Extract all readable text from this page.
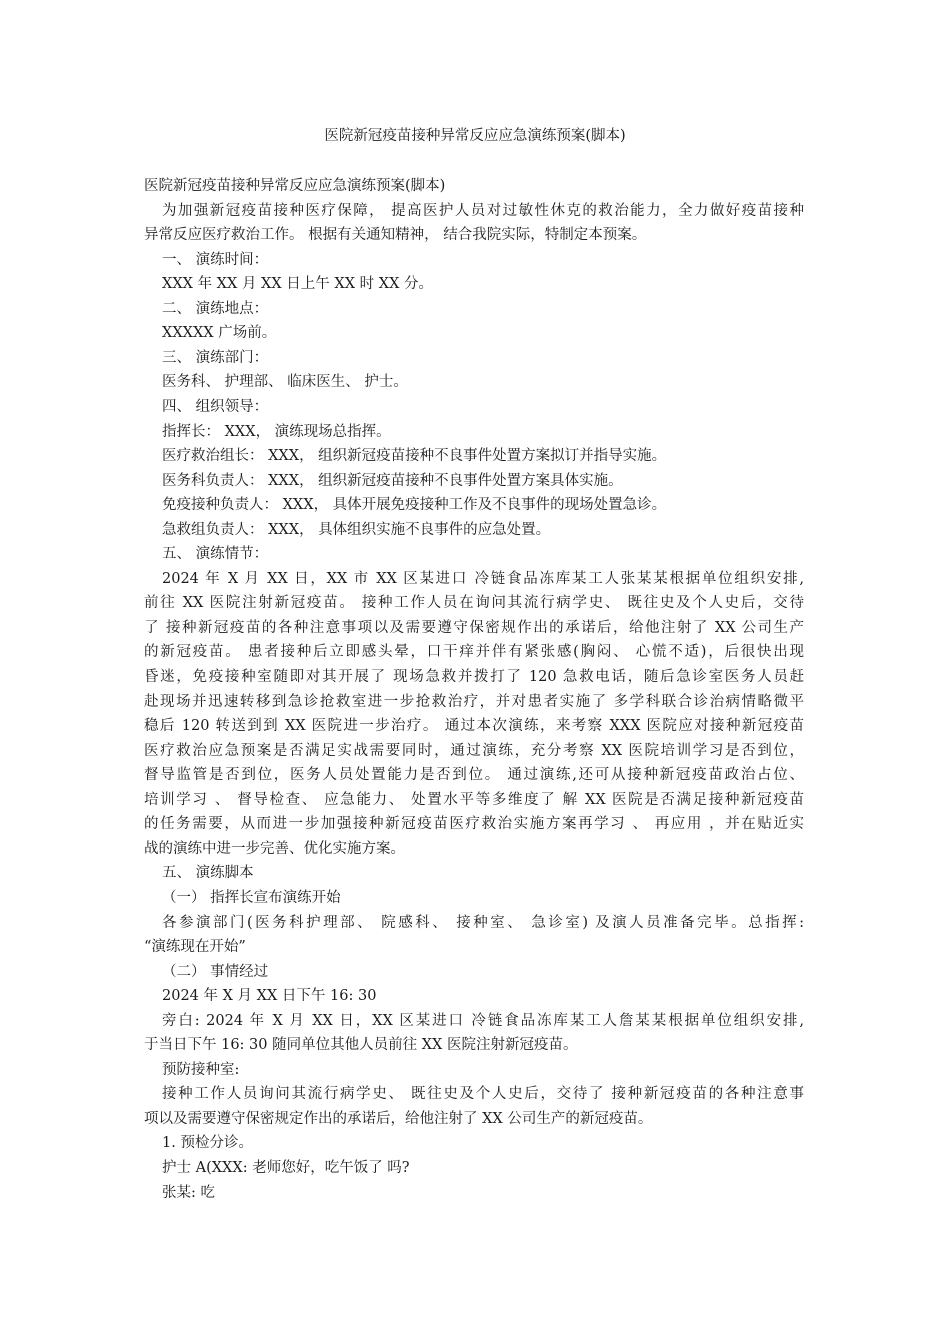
医院新冠疫苗接种异常反应应急演练预案(脚本)
医院新冠疫苗接种异常反应应急演练预案(脚本)
为加强新冠疫苗接种医疗保障， 提高医护人员对过敏性休克的救治能力，全力做好疫苗接种
异常反应医疗救治工作。 根据有关通知精神， 结合我院实际，特制定本预案。
一、 演练时间：
XXX 年 XX 月 XX 日上午 XX 时 XX 分。
二、 演练地点：
XXXXX 广场前。
三、 演练部门：
医务科、 护理部、 临床医生、 护士。
四、 组织领导：
指挥长： XXX， 演练现场总指挥。
医疗救治组长： XXX， 组织新冠疫苗接种不良事件处置方案拟订并指导实施。
医务科负责人： XXX， 组织新冠疫苗接种不良事件处置方案具体实施。
免疫接种负责人： XXX， 具体开展免疫接种工作及不良事件的现场处置急诊。
急救组负责人： XXX， 具体组织实施不良事件的应急处置。
五、 演练情节：
2024 年 X 月 XX 日，XX 市 XX 区某进口 冷链食品冻库某工人张某某根据单位组织安排,
前往 XX 医院注射新冠疫苗。 接种工作人员在询问其流行病学史、 既往史及个人史后，交待
了 接种新冠疫苗的各种注意事项以及需要遵守保密规作出的承诺后，给他注射了 XX 公司生产
的新冠疫苗。 患者接种后立即感头晕，口干痒并伴有紧张感(胸闷、 心慌不适)，后很快出现
昏迷，免疫接种室随即对其开展了 现场急救并拨打了 120 急救电话，随后急诊室医务人员赶
赴现场并迅速转移到急诊抢救室进一步抢救治疗，并对患者实施了 多学科联合诊治病情略微平
稳后 120 转送到到 XX 医院进一步治疗。 通过本次演练，来考察 XXX 医院应对接种新冠疫苗
医疗救治应急预案是否满足实战需要同时，通过演练，充分考察 XX 医院培训学习是否到位，
督导监管是否到位，医务人员处置能力是否到位。 通过演练,还可从接种新冠疫苗政治占位、
培训学习 、 督导检查、 应急能力、 处置水平等多维度了 解 XX 医院是否满足接种新冠疫苗
的任务需要，从而进一步加强接种新冠疫苗医疗救治实施方案再学习 、 再应用 ，并在贴近实
战的演练中进一步完善、优化实施方案。
五、 演练脚本
（一） 指挥长宣布演练开始
各参演部门(医务科护理部、 院感科、 接种室、 急诊室) 及演人员准备完毕。总指挥:
“演练现在开始”
（二） 事情经过
2024 年 X 月 XX 日下午 16: 30
旁白: 2024 年 X 月 XX 日，XX 区某进口 冷链食品冻库某工人詹某某根据单位组织安排,
于当日下午 16: 30 随同单位其他人员前往 XX 医院注射新冠疫苗。
预防接种室:
接种工作人员询问其流行病学史、 既往史及个人史后，交待了 接种新冠疫苗的各种注意事
项以及需要遵守保密规定作出的承诺后，给他注射了 XX 公司生产的新冠疫苗。
1. 预检分诊。
护士 A(XXX: 老师您好，吃午饭了 吗?
张某: 吃
